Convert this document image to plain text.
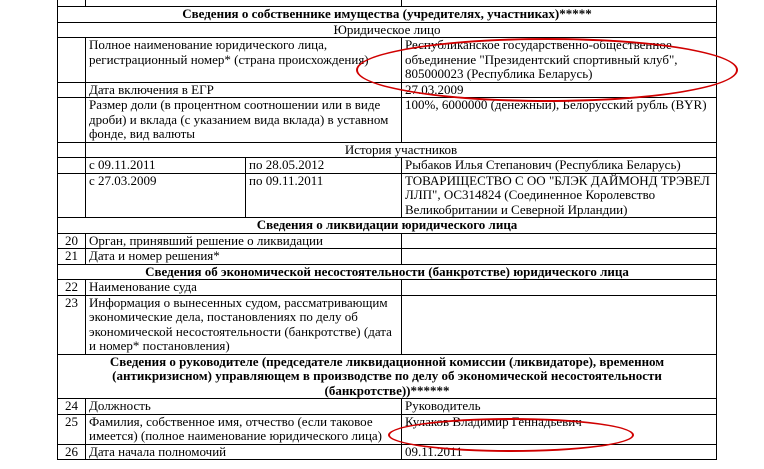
Сведения о собственнике имущества (учредителях, участниках)*****			
Юридическое лицо			
	Полное наименование юридического лица, регистрационный номер* (страна происхождения)		Республиканское государственно-общественное объединение "Президентский спортивный клуб", 805000023 (Республика Беларусь)
	Дата включения в ЕГР		27.03.2009
	Размер доли (в процентном соотношении или в виде дроби) и вклада (с указанием вида вклада) в уставном фонде, вид валюты		100%, 6000000 (денежный), Белорусский рубль (BYR)
	История участников		
	с 09.11.2011	по 28.05.2012	Рыбаков Илья Степанович (Республика Беларусь)
	с 27.03.2009	по 09.11.2011	ТОВАРИЩЕСТВО С ОО "БЛЭК ДАЙМОНД ТРЭВЕЛ ЛЛП", ОС314824 (Соединенное Королевство Великобритании и Северной Ирландии)
Сведения о ликвидации юридического лица			
20	Орган, принявший решение о ликвидации		
21	Дата и номер решения*		
Сведения об экономической несостоятельности (банкротстве) юридического лица			
22	Наименование суда		
23	Информация о вынесенных судом, рассматривающим экономические дела, постановлениях по делу об экономической несостоятельности (банкротстве) (дата и номер* постановления)		
Сведения о руководителе (председателе ликвидационной комиссии (ликвидаторе), временном (антикризисном) управляющем в производстве по делу об экономической несостоятельности (банкротстве))******			
24	Должность		Руководитель
25	Фамилия, собственное имя, отчество (если таковое имеется) (полное наименование юридического лица)		Кулаков Владимир Геннадьевич
26	Дата начала полномочий		09.11.2011
